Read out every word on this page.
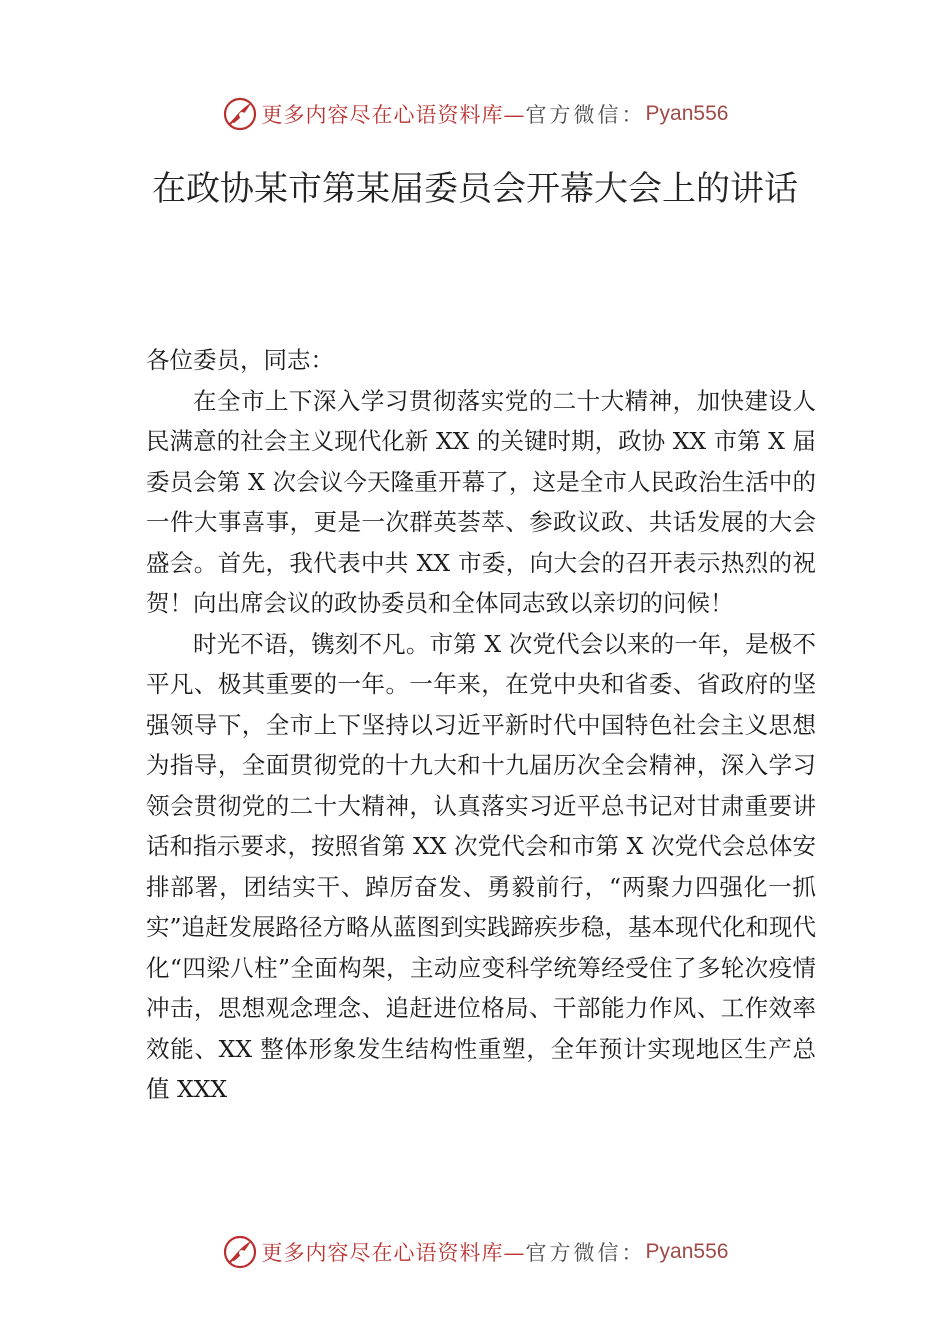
更多内容尽在心语资料库— 官方微信： Pyan556
在政协某市第某届委员会开幕大会上的讲话

各位委员，同志：

在全市上下深入学习贯彻落实党的二十大精神，加快建设人民满意的社会主义现代化新 XX 的关键时期，政协 XX 市第 X 届委员会第 X 次会议今天隆重开幕了，这是全市人民政治生活中的一件大事喜事，更是一次群英荟萃、参政议政、共话发展的大会盛会。首先，我代表中共 XX 市委，向大会的召开表示热烈的祝贺！向出席会议的政协委员和全体同志致以亲切的问候！

时光不语，镌刻不凡。市第 X 次党代会以来的一年，是极不平凡、极其重要的一年。一年来，在党中央和省委、省政府的坚强领导下，全市上下坚持以习近平新时代中国特色社会主义思想为指导，全面贯彻党的十九大和十九届历次全会精神，深入学习领会贯彻党的二十大精神，认真落实习近平总书记对甘肃重要讲话和指示要求，按照省第 XX 次党代会和市第 X 次党代会总体安排部署，团结实干、踔厉奋发、勇毅前行，“两聚力四强化一抓实”追赶发展路径方略从蓝图到实践蹄疾步稳，基本现代化和现代化“四梁八柱”全面构架，主动应变科学统筹经受住了多轮次疫情冲击，思想观念理念、追赶进位格局、干部能力作风、工作效率效能、XX 整体形象发生结构性重塑，全年预计实现地区生产总值 XXX

更多内容尽在心语资料库— 官方微信： Pyan556
